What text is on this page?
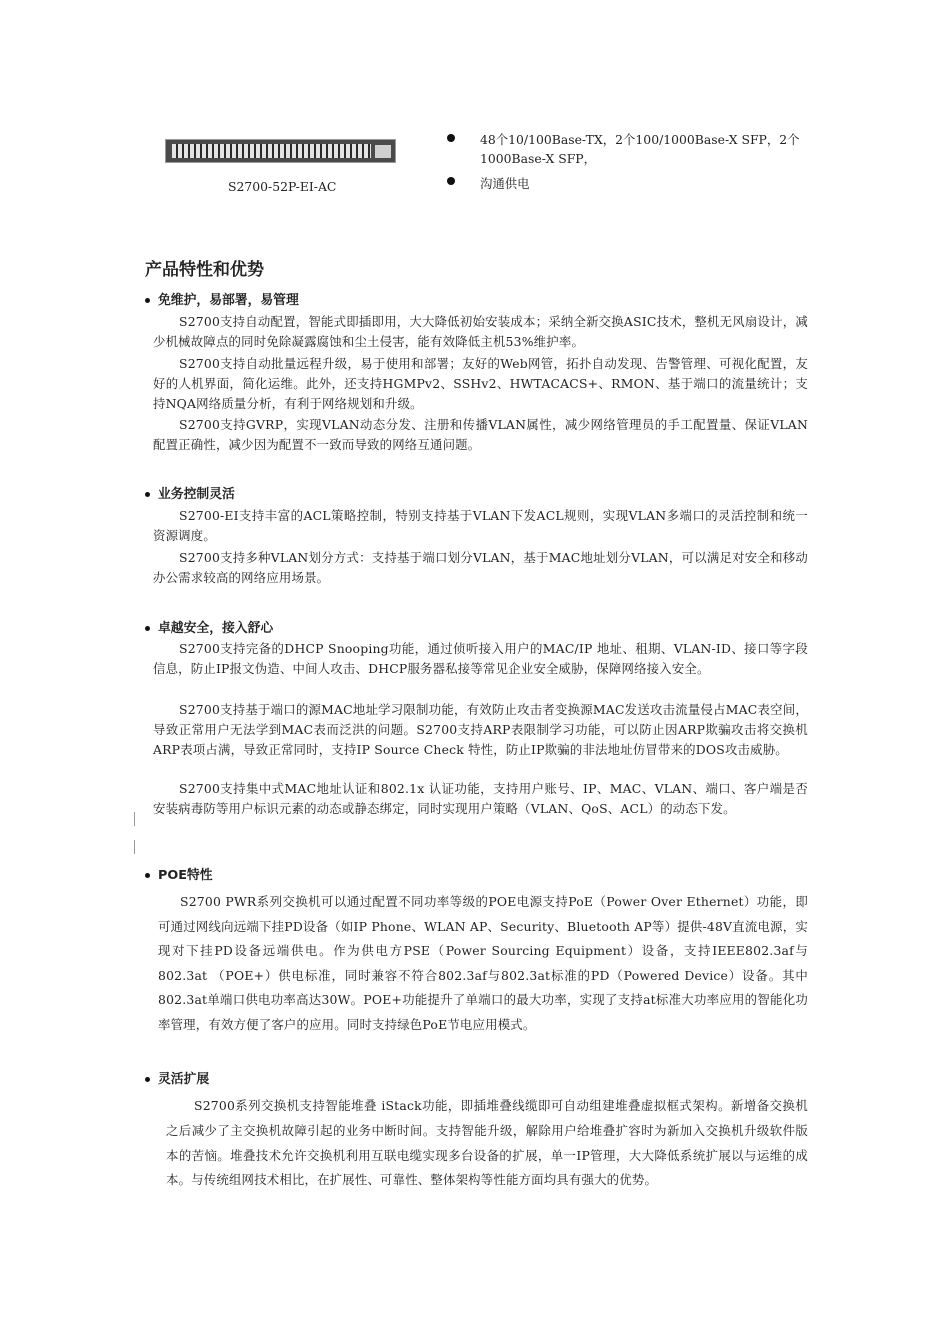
S2700-52P-EI-AC
48个10/100Base-TX，2个100/1000Base-X SFP，2个1000Base-X SFP，
沟通供电
产品特性和优势
免维护，易部署，易管理
S2700支持自动配置，智能式即插即用，大大降低初始安装成本；采纳全新交换ASIC技术，整机无风扇设计，减少机械故障点的同时免除凝露腐蚀和尘土侵害，能有效降低主机53%维护率。
S2700支持自动批量远程升级，易于使用和部署；友好的Web网管，拓扑自动发现、告警管理、可视化配置，友好的人机界面，简化运维。此外，还支持HGMPv2、SSHv2、HWTACACS+、RMON、基于端口的流量统计；支持NQA网络质量分析，有利于网络规划和升级。
S2700支持GVRP，实现VLAN动态分发、注册和传播VLAN属性，减少网络管理员的手工配置量、保证VLAN配置正确性，减少因为配置不一致而导致的网络互通问题。
业务控制灵活
S2700-EI支持丰富的ACL策略控制，特别支持基于VLAN下发ACL规则，实现VLAN多端口的灵活控制和统一资源调度。
S2700支持多种VLAN划分方式：支持基于端口划分VLAN，基于MAC地址划分VLAN，可以满足对安全和移动办公需求较高的网络应用场景。
卓越安全，接入舒心
S2700支持完备的DHCP Snooping功能，通过侦听接入用户的MAC/IP 地址、租期、VLAN-ID、接口等字段信息，防止IP报文伪造、中间人攻击、DHCP服务器私接等常见企业安全威胁，保障网络接入安全。
S2700支持基于端口的源MAC地址学习限制功能，有效防止攻击者变换源MAC发送攻击流量侵占MAC表空间，导致正常用户无法学到MAC表而泛洪的问题。S2700支持ARP表限制学习功能，可以防止因ARP欺骗攻击将交换机ARP表项占满，导致正常同时，支持IP Source Check 特性，防止IP欺骗的非法地址仿冒带来的DOS攻击威胁。
S2700支持集中式MAC地址认证和802.1x 认证功能，支持用户账号、IP、MAC、VLAN、端口、客户端是否安装病毒防等用户标识元素的动态或静态绑定，同时实现用户策略（VLAN、QoS、ACL）的动态下发。
POE特性
S2700 PWR系列交换机可以通过配置不同功率等级的POE电源支持PoE（Power Over Ethernet）功能，即可通过网线向远端下挂PD设备（如IP Phone、WLAN AP、Security、Bluetooth AP等）提供-48V直流电源，实现对下挂PD设备远端供电。作为供电方PSE（Power Sourcing Equipment）设备，支持IEEE802.3af与802.3at （POE+）供电标准，同时兼容不符合802.3af与802.3at标准的PD（Powered Device）设备。其中802.3at单端口供电功率高达30W。POE+功能提升了单端口的最大功率，实现了支持at标准大功率应用的智能化功率管理，有效方便了客户的应用。同时支持绿色PoE节电应用模式。
灵活扩展
S2700系列交换机支持智能堆叠 iStack功能，即插堆叠线缆即可自动组建堆叠虚拟框式架构。新增备交换机之后减少了主交换机故障引起的业务中断时间。支持智能升级，解除用户给堆叠扩容时为新加入交换机升级软件版本的苦恼。堆叠技术允许交换机利用互联电缆实现多台设备的扩展，单一IP管理，大大降低系统扩展以与运维的成本。与传统组网技术相比，在扩展性、可靠性、整体架构等性能方面均具有强大的优势。
